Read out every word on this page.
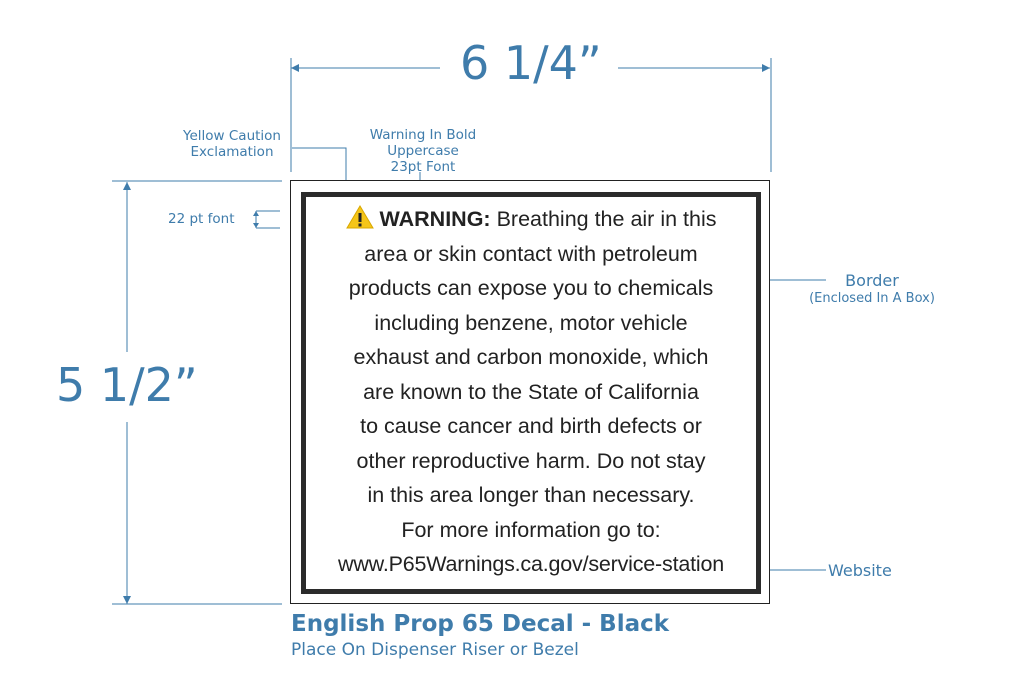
6 1/4”
5 1/2”
Yellow Caution
Exclamation
Warning In Bold
Uppercase
23pt Font
22 pt font
Border
(Enclosed In A Box)
Website
WARNING: Breathing the air in this
area or skin contact with petroleum
products can expose you to chemicals
including benzene, motor vehicle
exhaust and carbon monoxide, which
are known to the State of California
to cause cancer and birth defects or
other reproductive harm. Do not stay
in this area longer than necessary.
For more information go to:
www.P65Warnings.ca.gov/service-station
English Prop 65 Decal - Black
Place On Dispenser Riser or Bezel
